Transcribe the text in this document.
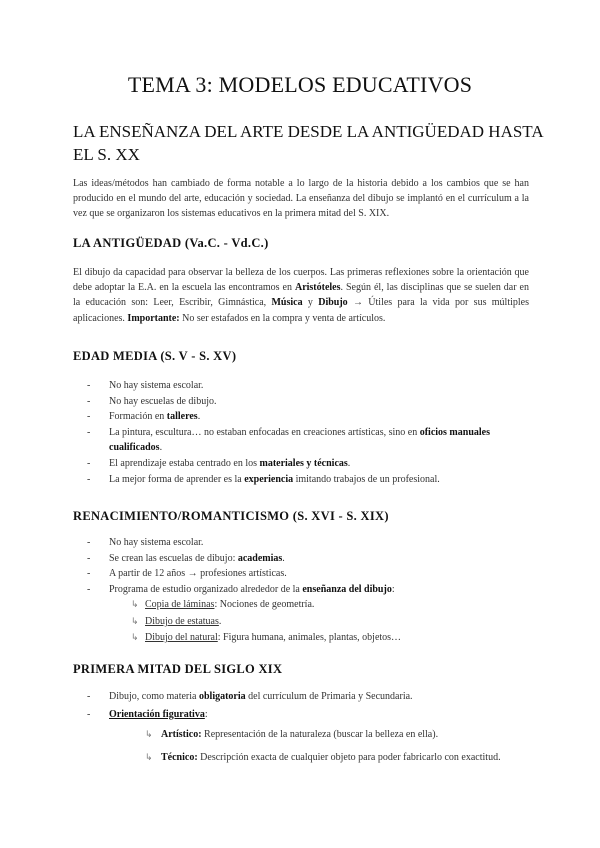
TEMA 3: MODELOS EDUCATIVOS
LA ENSEÑANZA DEL ARTE DESDE LA ANTIGÜEDAD HASTA EL S. XX

Las ideas/métodos han cambiado de forma notable a lo largo de la historia debido a los cambios que se han producido en el mundo del arte, educación y sociedad. La enseñanza del dibujo se implantó en el currículum a la vez que se organizaron los sistemas educativos en la primera mitad del S. XIX.

LA ANTIGÜEDAD (Va.C. - Vd.C.)

El dibujo da capacidad para observar la belleza de los cuerpos. Las primeras reflexiones sobre la orientación que debe adoptar la E.A. en la escuela las encontramos en Aristóteles. Según él, las disciplinas que se suelen dar en la educación son: Leer, Escribir, Gimnástica, Música y Dibujo → Útiles para la vida por sus múltiples aplicaciones. Importante: No ser estafados en la compra y venta de artículos.

EDAD MEDIA (S. V - S. XV)
- No hay sistema escolar.
- No hay escuelas de dibujo.
- Formación en talleres.
- La pintura, escultura… no estaban enfocadas en creaciones artísticas, sino en oficios manuales cualificados.
- El aprendizaje estaba centrado en los materiales y técnicas.
- La mejor forma de aprender es la experiencia imitando trabajos de un profesional.
RENACIMIENTO/ROMANTICISMO (S. XVI - S. XIX)
- No hay sistema escolar.
- Se crean las escuelas de dibujo: academias.
- A partir de 12 años → profesiones artísticas.
- Programa de estudio organizado alrededor de la enseñanza del dibujo:
↳ Copia de láminas: Nociones de geometría.
↳ Dibujo de estatuas.
↳ Dibujo del natural: Figura humana, animales, plantas, objetos…
PRIMERA MITAD DEL SIGLO XIX
- Dibujo, como materia obligatoria del currículum de Primaria y Secundaria.
- Orientación figurativa:
↳ Artístico: Representación de la naturaleza (buscar la belleza en ella).
↳ Técnico: Descripción exacta de cualquier objeto para poder fabricarlo con exactitud.
